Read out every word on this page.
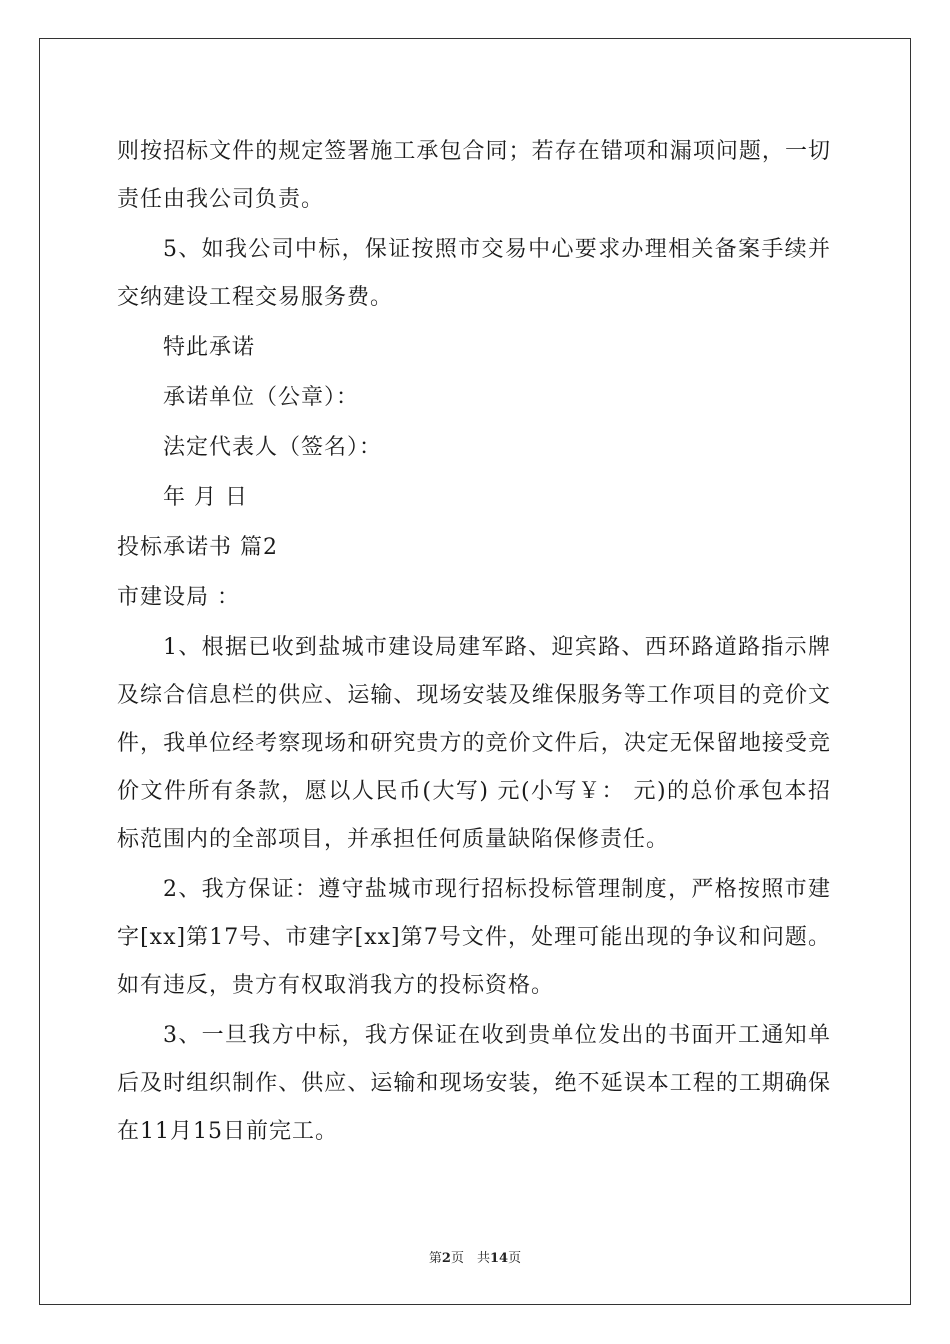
则按招标文件的规定签署施工承包合同；若存在错项和漏项问题，一切责任由我公司负责。

5、如我公司中标，保证按照市交易中心要求办理相关备案手续并交纳建设工程交易服务费。

特此承诺

承诺单位（公章）：

法定代表人（签名）：

年 月 日

投标承诺书 篇2

市建设局 ：

1、根据已收到盐城市建设局建军路、迎宾路、西环路道路指示牌及综合信息栏的供应、运输、现场安装及维保服务等工作项目的竞价文件，我单位经考察现场和研究贵方的竞价文件后，决定无保留地接受竞价文件所有条款，愿以人民币(大写) 元(小写￥： 元)的总价承包本招标范围内的全部项目，并承担任何质量缺陷保修责任。

2、我方保证：遵守盐城市现行招标投标管理制度，严格按照市建字[xx]第17号、市建字[xx]第7号文件，处理可能出现的争议和问题。如有违反，贵方有权取消我方的投标资格。

3、一旦我方中标，我方保证在收到贵单位发出的书面开工通知单后及时组织制作、供应、运输和现场安装，绝不延误本工程的工期确保在11月15日前完工。

第2页　共14页
